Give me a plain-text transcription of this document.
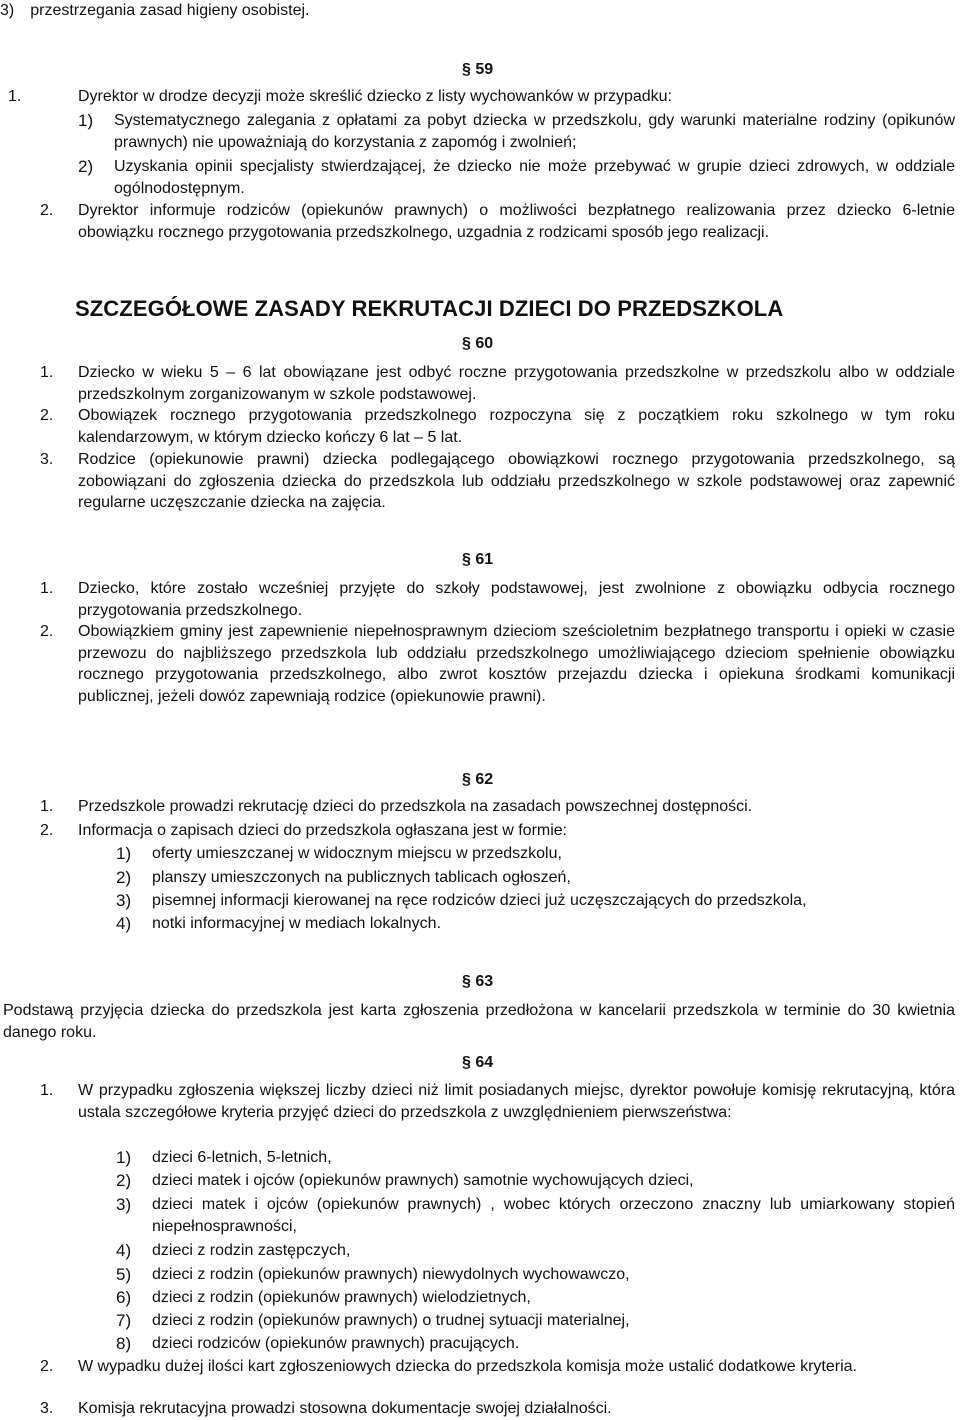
3) przestrzegania zasad higieny osobistej.
§ 59
1.	Dyrektor w drodze decyzji może skreślić dziecko z listy wychowanków w przypadku:
1) Systematycznego zalegania z opłatami za pobyt dziecka w przedszkolu, gdy warunki materialne rodziny (opikunów prawnych) nie upoważniają do korzystania z zapomóg i zwolnień;
2) Uzyskania opinii specjalisty stwierdzającej, że dziecko nie może przebywać w grupie dzieci zdrowych, w oddziale ogólnodostępnym.
2. Dyrektor informuje rodziców (opiekunów prawnych) o możliwości bezpłatnego realizowania przez dziecko 6-letnie obowiązku rocznego przygotowania przedszkolnego, uzgadnia z rodzicami sposób jego realizacji.
SZCZEGÓŁOWE ZASADY REKRUTACJI DZIECI DO PRZEDSZKOLA
§ 60
1. Dziecko w wieku 5 – 6 lat obowiązane jest odbyć roczne przygotowania przedszkolne w przedszkolu albo w oddziale przedszkolnym zorganizowanym w szkole podstawowej.
2. Obowiązek rocznego przygotowania przedszkolnego rozpoczyna się z początkiem roku szkolnego w tym roku kalendarzowym, w którym dziecko kończy 6 lat – 5 lat.
3. Rodzice (opiekunowie prawni) dziecka podlegającego obowiązkowi rocznego przygotowania przedszkolnego, są zobowiązani do zgłoszenia dziecka do przedszkola lub oddziału przedszkolnego w szkole podstawowej oraz zapewnić regularne uczęszczanie dziecka na zajęcia.
§ 61
1. Dziecko, które zostało wcześniej przyjęte do szkoły podstawowej, jest zwolnione z obowiązku odbycia rocznego przygotowania przedszkolnego.
2. Obowiązkiem gminy jest zapewnienie niepełnosprawnym dzieciom sześcioletnim bezpłatnego transportu i opieki w czasie przewozu do najbliższego przedszkola lub oddziału przedszkolnego umożliwiającego dzieciom spełnienie obowiązku rocznego przygotowania przedszkolnego, albo zwrot kosztów przejazdu dziecka i opiekuna środkami komunikacji publicznej, jeżeli dowóz zapewniają rodzice (opiekunowie prawni).
§ 62
1. Przedszkole prowadzi rekrutację dzieci do przedszkola na zasadach powszechnej dostępności.
2. Informacja o zapisach dzieci do przedszkola ogłaszana jest w formie:
1) oferty umieszczanej w widocznym miejscu w przedszkolu,
2) planszy umieszczonych na publicznych tablicach ogłoszeń,
3) pisemnej informacji kierowanej na ręce rodziców dzieci już uczęszczających do przedszkola,
4) notki informacyjnej w mediach lokalnych.
§ 63
Podstawą przyjęcia dziecka do przedszkola jest karta zgłoszenia przedłożona w kancelarii przedszkola w terminie do 30 kwietnia danego roku.
§ 64
1. W przypadku zgłoszenia większej liczby dzieci niż limit posiadanych miejsc, dyrektor powołuje komisję rekrutacyjną, która ustala szczegółowe kryteria przyjęć dzieci do przedszkola z uwzględnieniem pierwszeństwa:
1) dzieci 6-letnich, 5-letnich,
2) dzieci matek i ojców (opiekunów prawnych) samotnie wychowujących dzieci,
3) dzieci matek i ojców (opiekunów prawnych) , wobec których orzeczono znaczny lub umiarkowany stopień niepełnosprawności,
4) dzieci z rodzin zastępczych,
5) dzieci z rodzin (opiekunów prawnych) niewydolnych wychowawczo,
6) dzieci z rodzin (opiekunów prawnych) wielodzietnych,
7) dzieci z rodzin (opiekunów prawnych) o trudnej sytuacji materialnej,
8) dzieci rodziców (opiekunów prawnych) pracujących.
2. W wypadku dużej ilości kart zgłoszeniowych dziecka do przedszkola komisja może ustalić dodatkowe kryteria.
3. Komisja rekrutacyjna prowadzi stosowna dokumentacje swojej działalności.
